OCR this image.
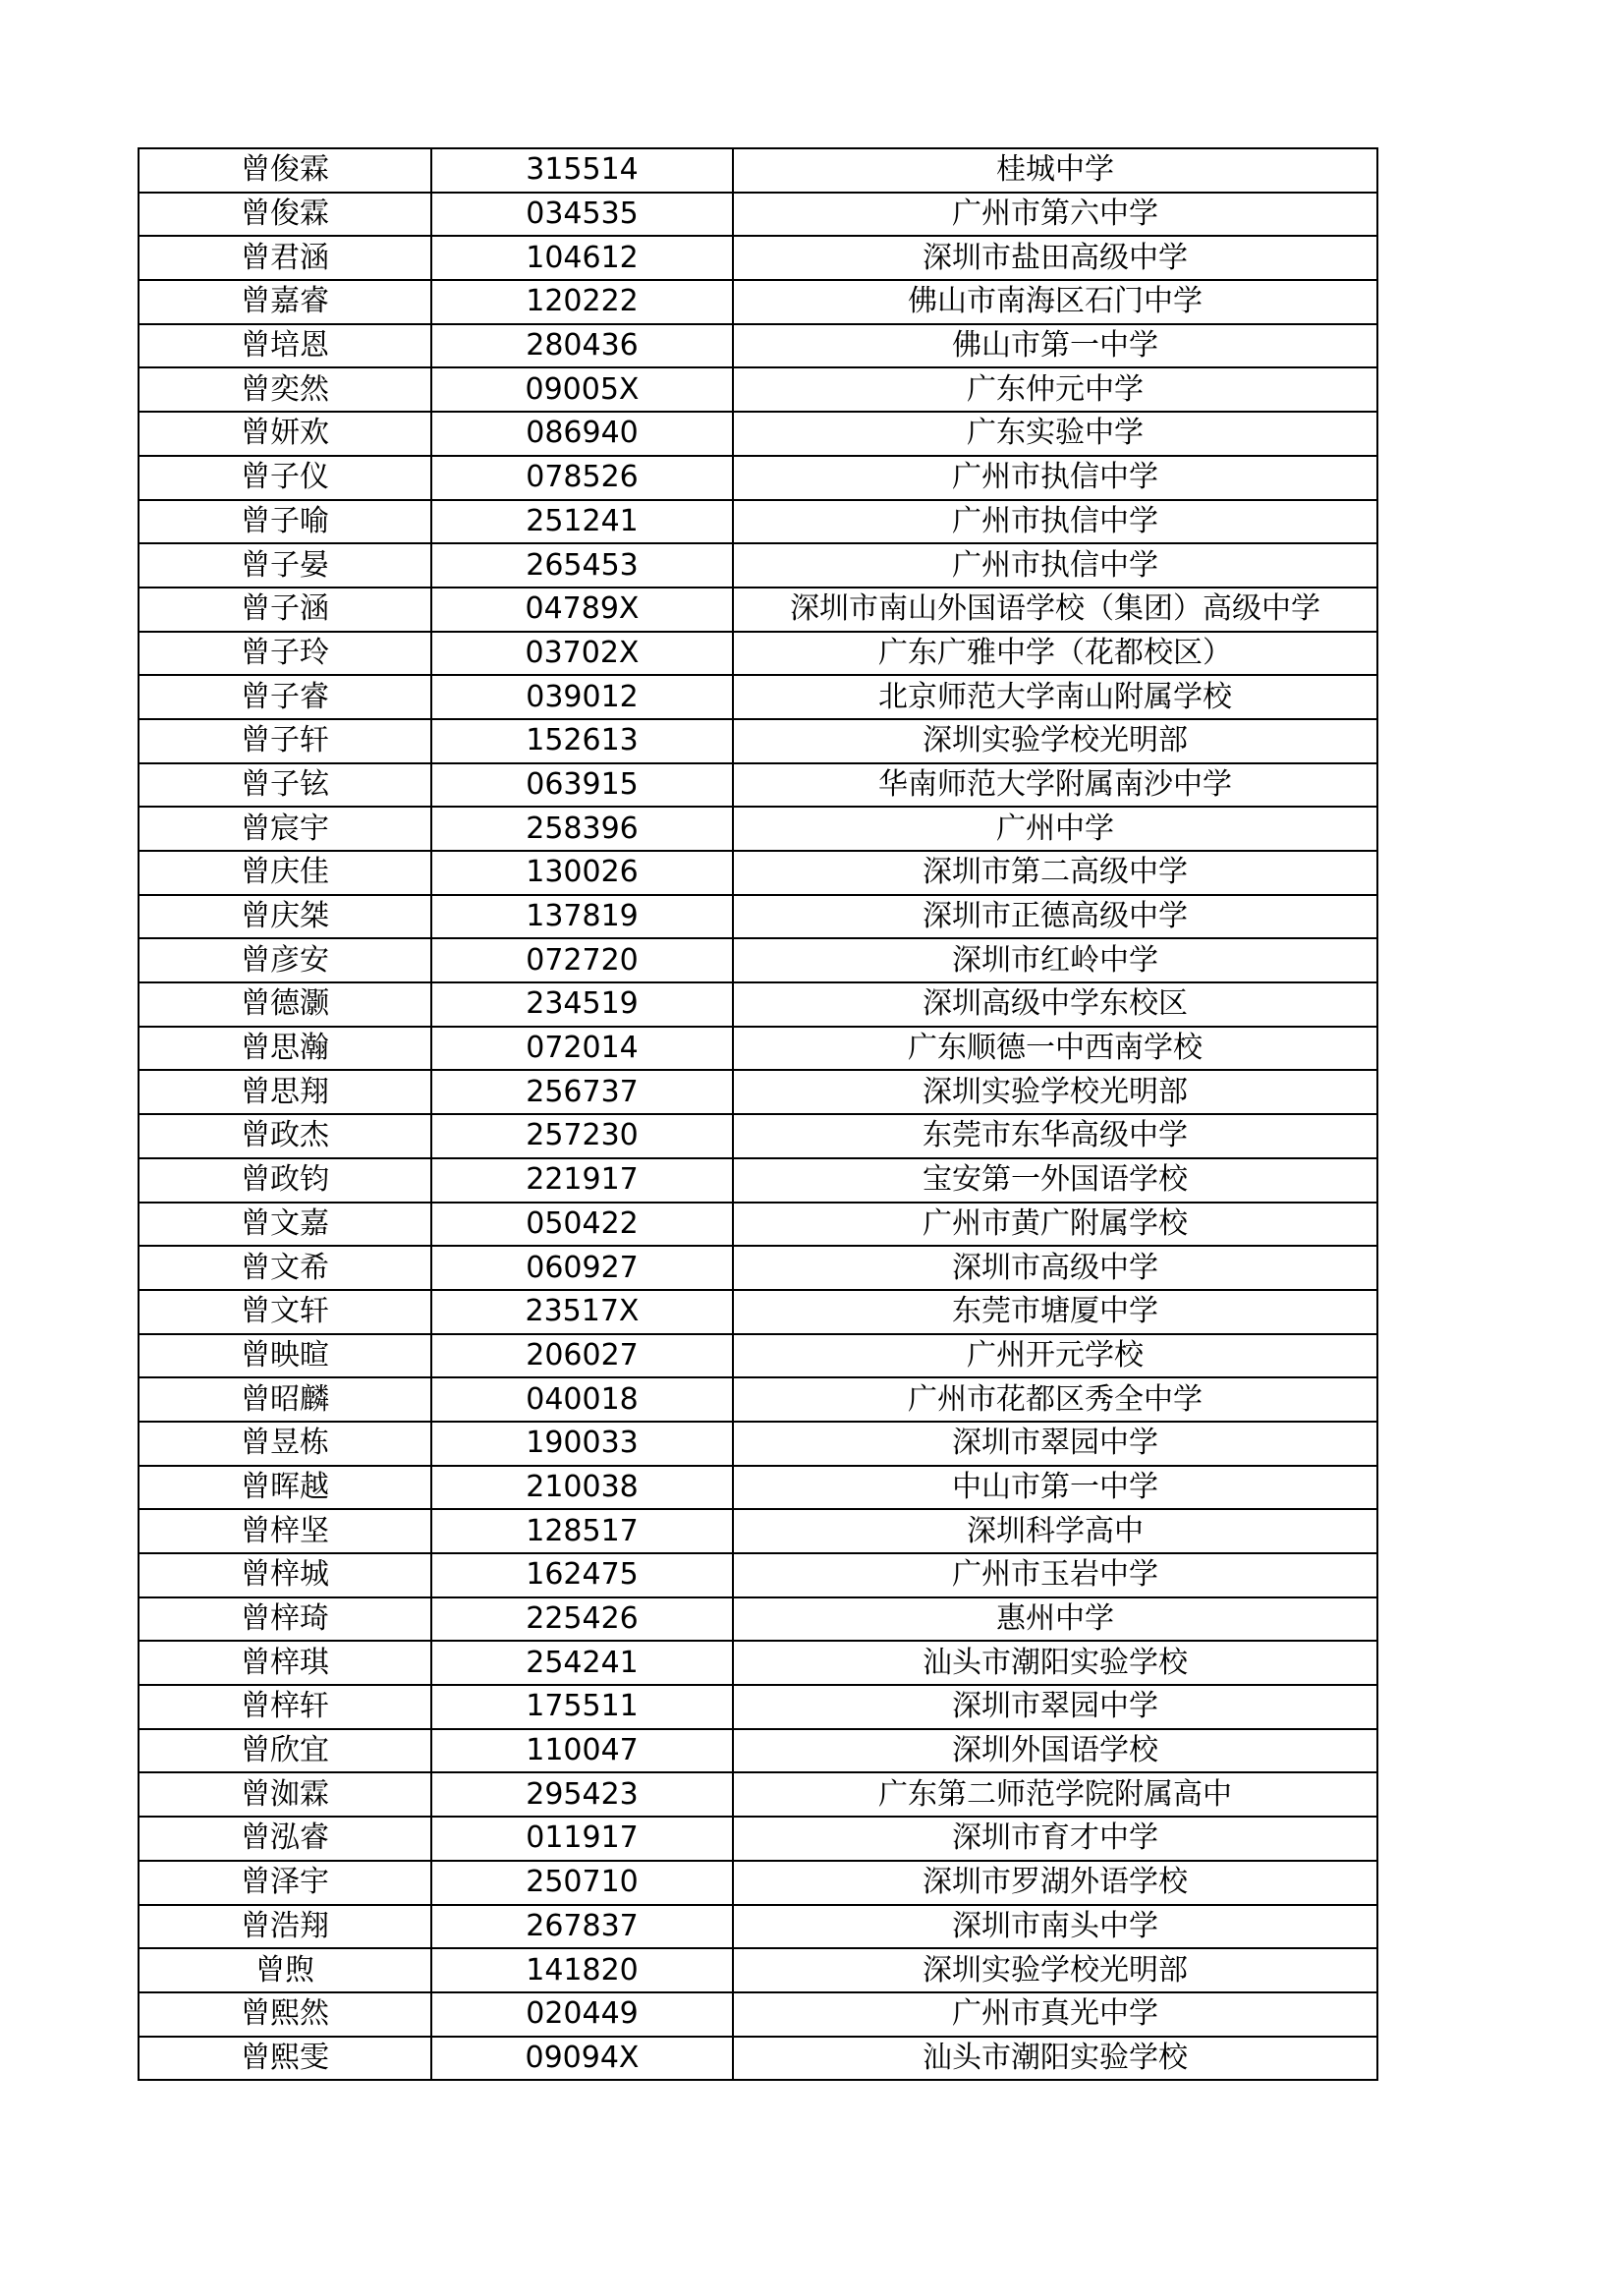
曾俊霖	315514	桂城中学
曾俊霖	034535	广州市第六中学
曾君涵	104612	深圳市盐田高级中学
曾嘉睿	120222	佛山市南海区石门中学
曾培恩	280436	佛山市第一中学
曾奕然	09005X	广东仲元中学
曾妍欢	086940	广东实验中学
曾子仪	078526	广州市执信中学
曾子喻	251241	广州市执信中学
曾子晏	265453	广州市执信中学
曾子涵	04789X	深圳市南山外国语学校（集团）高级中学
曾子玲	03702X	广东广雅中学（花都校区）
曾子睿	039012	北京师范大学南山附属学校
曾子轩	152613	深圳实验学校光明部
曾子铉	063915	华南师范大学附属南沙中学
曾宸宇	258396	广州中学
曾庆佳	130026	深圳市第二高级中学
曾庆桀	137819	深圳市正德高级中学
曾彦安	072720	深圳市红岭中学
曾德灏	234519	深圳高级中学东校区
曾思瀚	072014	广东顺德一中西南学校
曾思翔	256737	深圳实验学校光明部
曾政杰	257230	东莞市东华高级中学
曾政钧	221917	宝安第一外国语学校
曾文嘉	050422	广州市黄广附属学校
曾文希	060927	深圳市高级中学
曾文轩	23517X	东莞市塘厦中学
曾映暄	206027	广州开元学校
曾昭麟	040018	广州市花都区秀全中学
曾昱栋	190033	深圳市翠园中学
曾晖越	210038	中山市第一中学
曾梓坚	128517	深圳科学高中
曾梓城	162475	广州市玉岩中学
曾梓琦	225426	惠州中学
曾梓琪	254241	汕头市潮阳实验学校
曾梓轩	175511	深圳市翠园中学
曾欣宜	110047	深圳外国语学校
曾洳霖	295423	广东第二师范学院附属高中
曾泓睿	011917	深圳市育才中学
曾泽宇	250710	深圳市罗湖外语学校
曾浩翔	267837	深圳市南头中学
曾煦	141820	深圳实验学校光明部
曾熙然	020449	广州市真光中学
曾熙雯	09094X	汕头市潮阳实验学校
